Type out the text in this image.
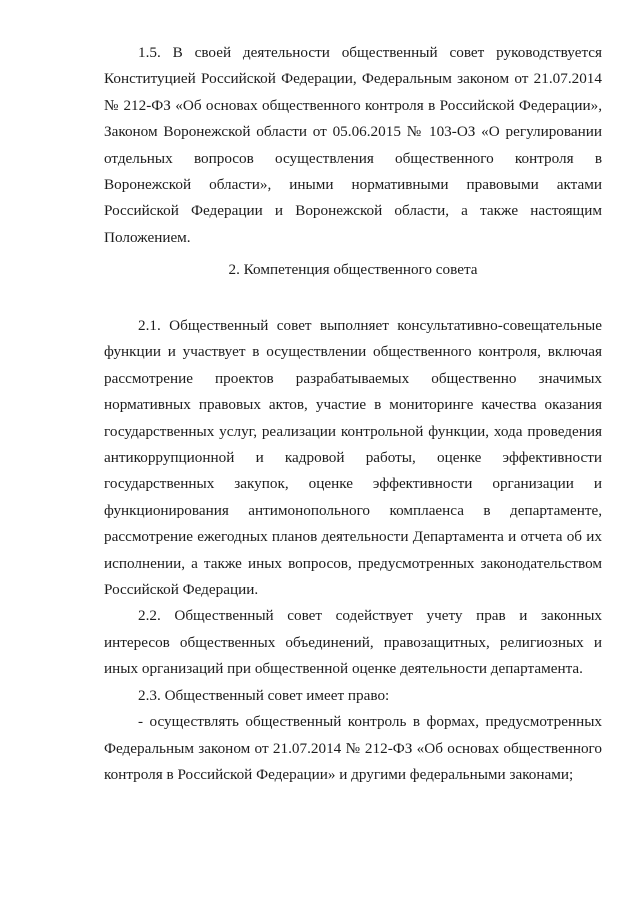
1.5. В своей деятельности общественный совет руководствуется Конституцией Российской Федерации, Федеральным законом от 21.07.2014 № 212-ФЗ «Об основах общественного контроля в Российской Федерации», Законом Воронежской области от 05.06.2015 № 103-ОЗ «О регулировании отдельных вопросов осуществления общественного контроля в Воронежской области», иными нормативными правовыми актами Российской Федерации и Воронежской области, а также настоящим Положением.

2. Компетенция общественного совета

2.1. Общественный совет выполняет консультативно-совещательные функции и участвует в осуществлении общественного контроля, включая рассмотрение проектов разрабатываемых общественно значимых нормативных правовых актов, участие в мониторинге качества оказания государственных услуг, реализации контрольной функции, хода проведения антикоррупционной и кадровой работы, оценке эффективности государственных закупок, оценке эффективности организации и функционирования антимонопольного комплаенса в департаменте, рассмотрение ежегодных планов деятельности Департамента и отчета об их исполнении, а также иных вопросов, предусмотренных законодательством Российской Федерации.

2.2. Общественный совет содействует учету прав и законных интересов общественных объединений, правозащитных, религиозных и иных организаций при общественной оценке деятельности департамента.

2.3. Общественный совет имеет право:

- осуществлять общественный контроль в формах, предусмотренных Федеральным законом от 21.07.2014 № 212-ФЗ «Об основах общественного контроля в Российской Федерации» и другими федеральными законами;
